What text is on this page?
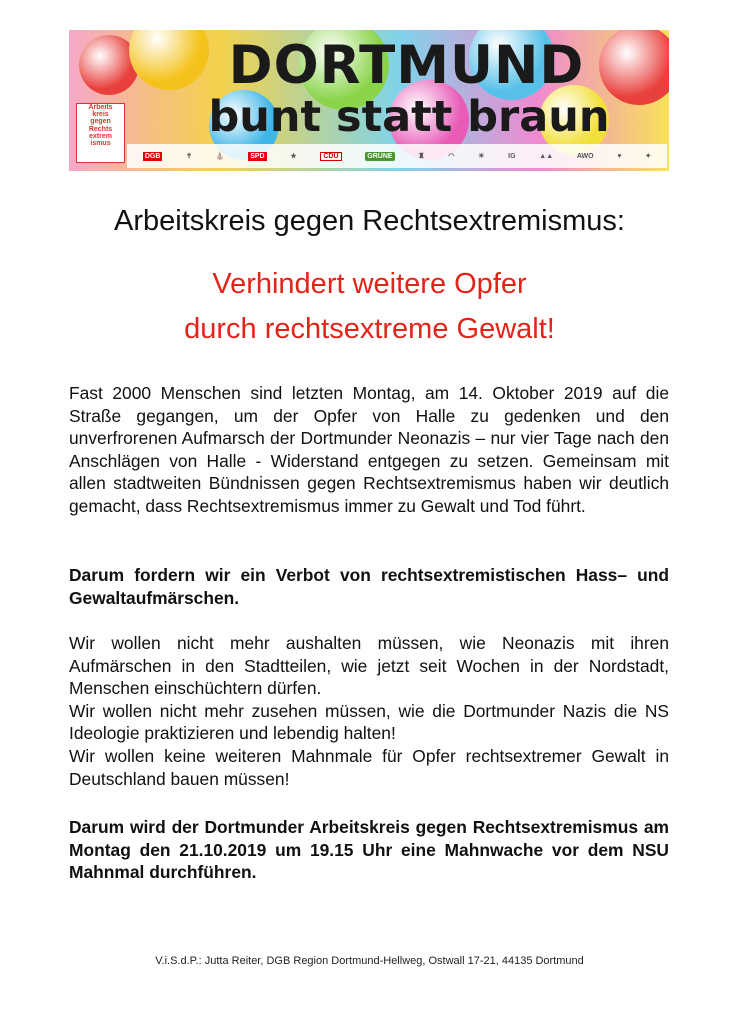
DORTMUND
bunt statt braun
Arbeits
kreis
gegen
Rechts
extrem
ismus
DGB	✝	⛪	SPD	★	CDU	GRÜNE	♜	◠	☀	IG	▲▲	AWO	♥	✦
Arbeitskreis gegen Rechtsextremismus:
Verhindert weitere Opfer
durch rechtsextreme Gewalt!
Fast 2000 Menschen sind letzten Montag, am 14. Oktober 2019 auf die Straße gegangen, um der Opfer von Halle zu gedenken und den unverfrorenen Aufmarsch der Dortmunder Neonazis – nur vier Tage nach den Anschlägen von Halle - Widerstand entgegen zu setzen. Gemeinsam mit allen stadtweiten Bündnissen gegen Rechtsextremismus haben wir deutlich gemacht, dass Rechtsextremismus immer zu Gewalt und Tod führt.
Darum fordern wir ein Verbot von rechtsextremistischen Hass– und Gewaltaufmärschen.
Wir wollen nicht mehr aushalten müssen, wie Neonazis mit ihren Aufmärschen in den Stadtteilen, wie jetzt seit Wochen in der Nordstadt, Menschen einschüchtern dürfen.
Wir wollen nicht mehr zusehen müssen, wie die Dortmunder Nazis die NS Ideologie praktizieren und lebendig halten!
Wir wollen keine weiteren Mahnmale für Opfer rechtsextremer Gewalt in Deutschland bauen müssen!
Darum wird der Dortmunder Arbeitskreis gegen Rechtsextremismus am Montag den 21.10.2019 um 19.15 Uhr eine Mahnwache vor dem NSU Mahnmal durchführen.
V.i.S.d.P.: Jutta Reiter, DGB Region Dortmund-Hellweg, Ostwall 17-21, 44135 Dortmund
